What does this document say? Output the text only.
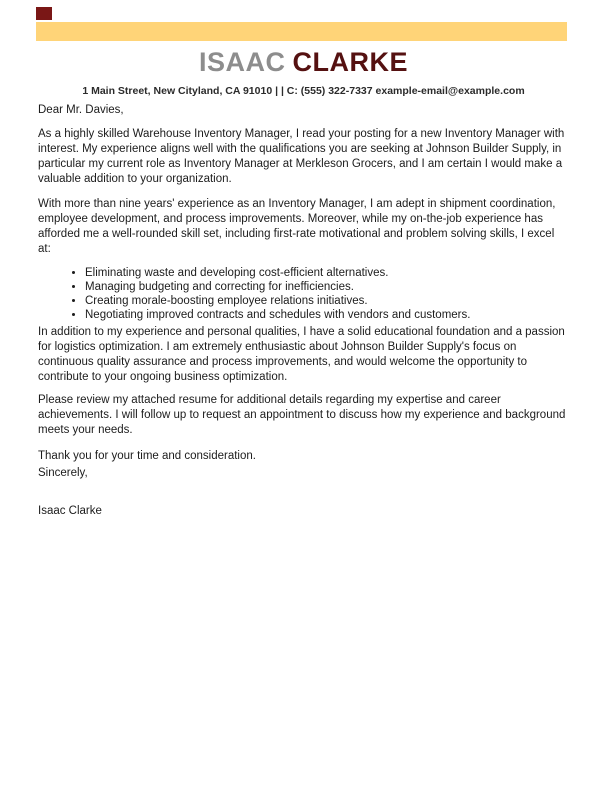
ISAAC CLARKE
1 Main Street, New Cityland, CA 91010 | | C: (555) 322-7337 example-email@example.com

Dear Mr. Davies,

As a highly skilled Warehouse Inventory Manager, I read your posting for a new Inventory Manager with interest. My experience aligns well with the qualifications you are seeking at Johnson Builder Supply, in particular my current role as Inventory Manager at Merkleson Grocers, and I am certain I would make a valuable addition to your organization.

With more than nine years' experience as an Inventory Manager, I am adept in shipment coordination, employee development, and process improvements. Moreover, while my on-the-job experience has afforded me a well-rounded skill set, including first-rate motivational and problem solving skills, I excel at:

• Eliminating waste and developing cost-efficient alternatives.
• Managing budgeting and correcting for inefficiencies.
• Creating morale-boosting employee relations initiatives.
• Negotiating improved contracts and schedules with vendors and customers.

In addition to my experience and personal qualities, I have a solid educational foundation and a passion for logistics optimization. I am extremely enthusiastic about Johnson Builder Supply's focus on continuous quality assurance and process improvements, and would welcome the opportunity to contribute to your ongoing business optimization.

Please review my attached resume for additional details regarding my expertise and career achievements. I will follow up to request an appointment to discuss how my experience and background meets your needs.

Thank you for your time and consideration.

Sincerely,

Isaac Clarke
